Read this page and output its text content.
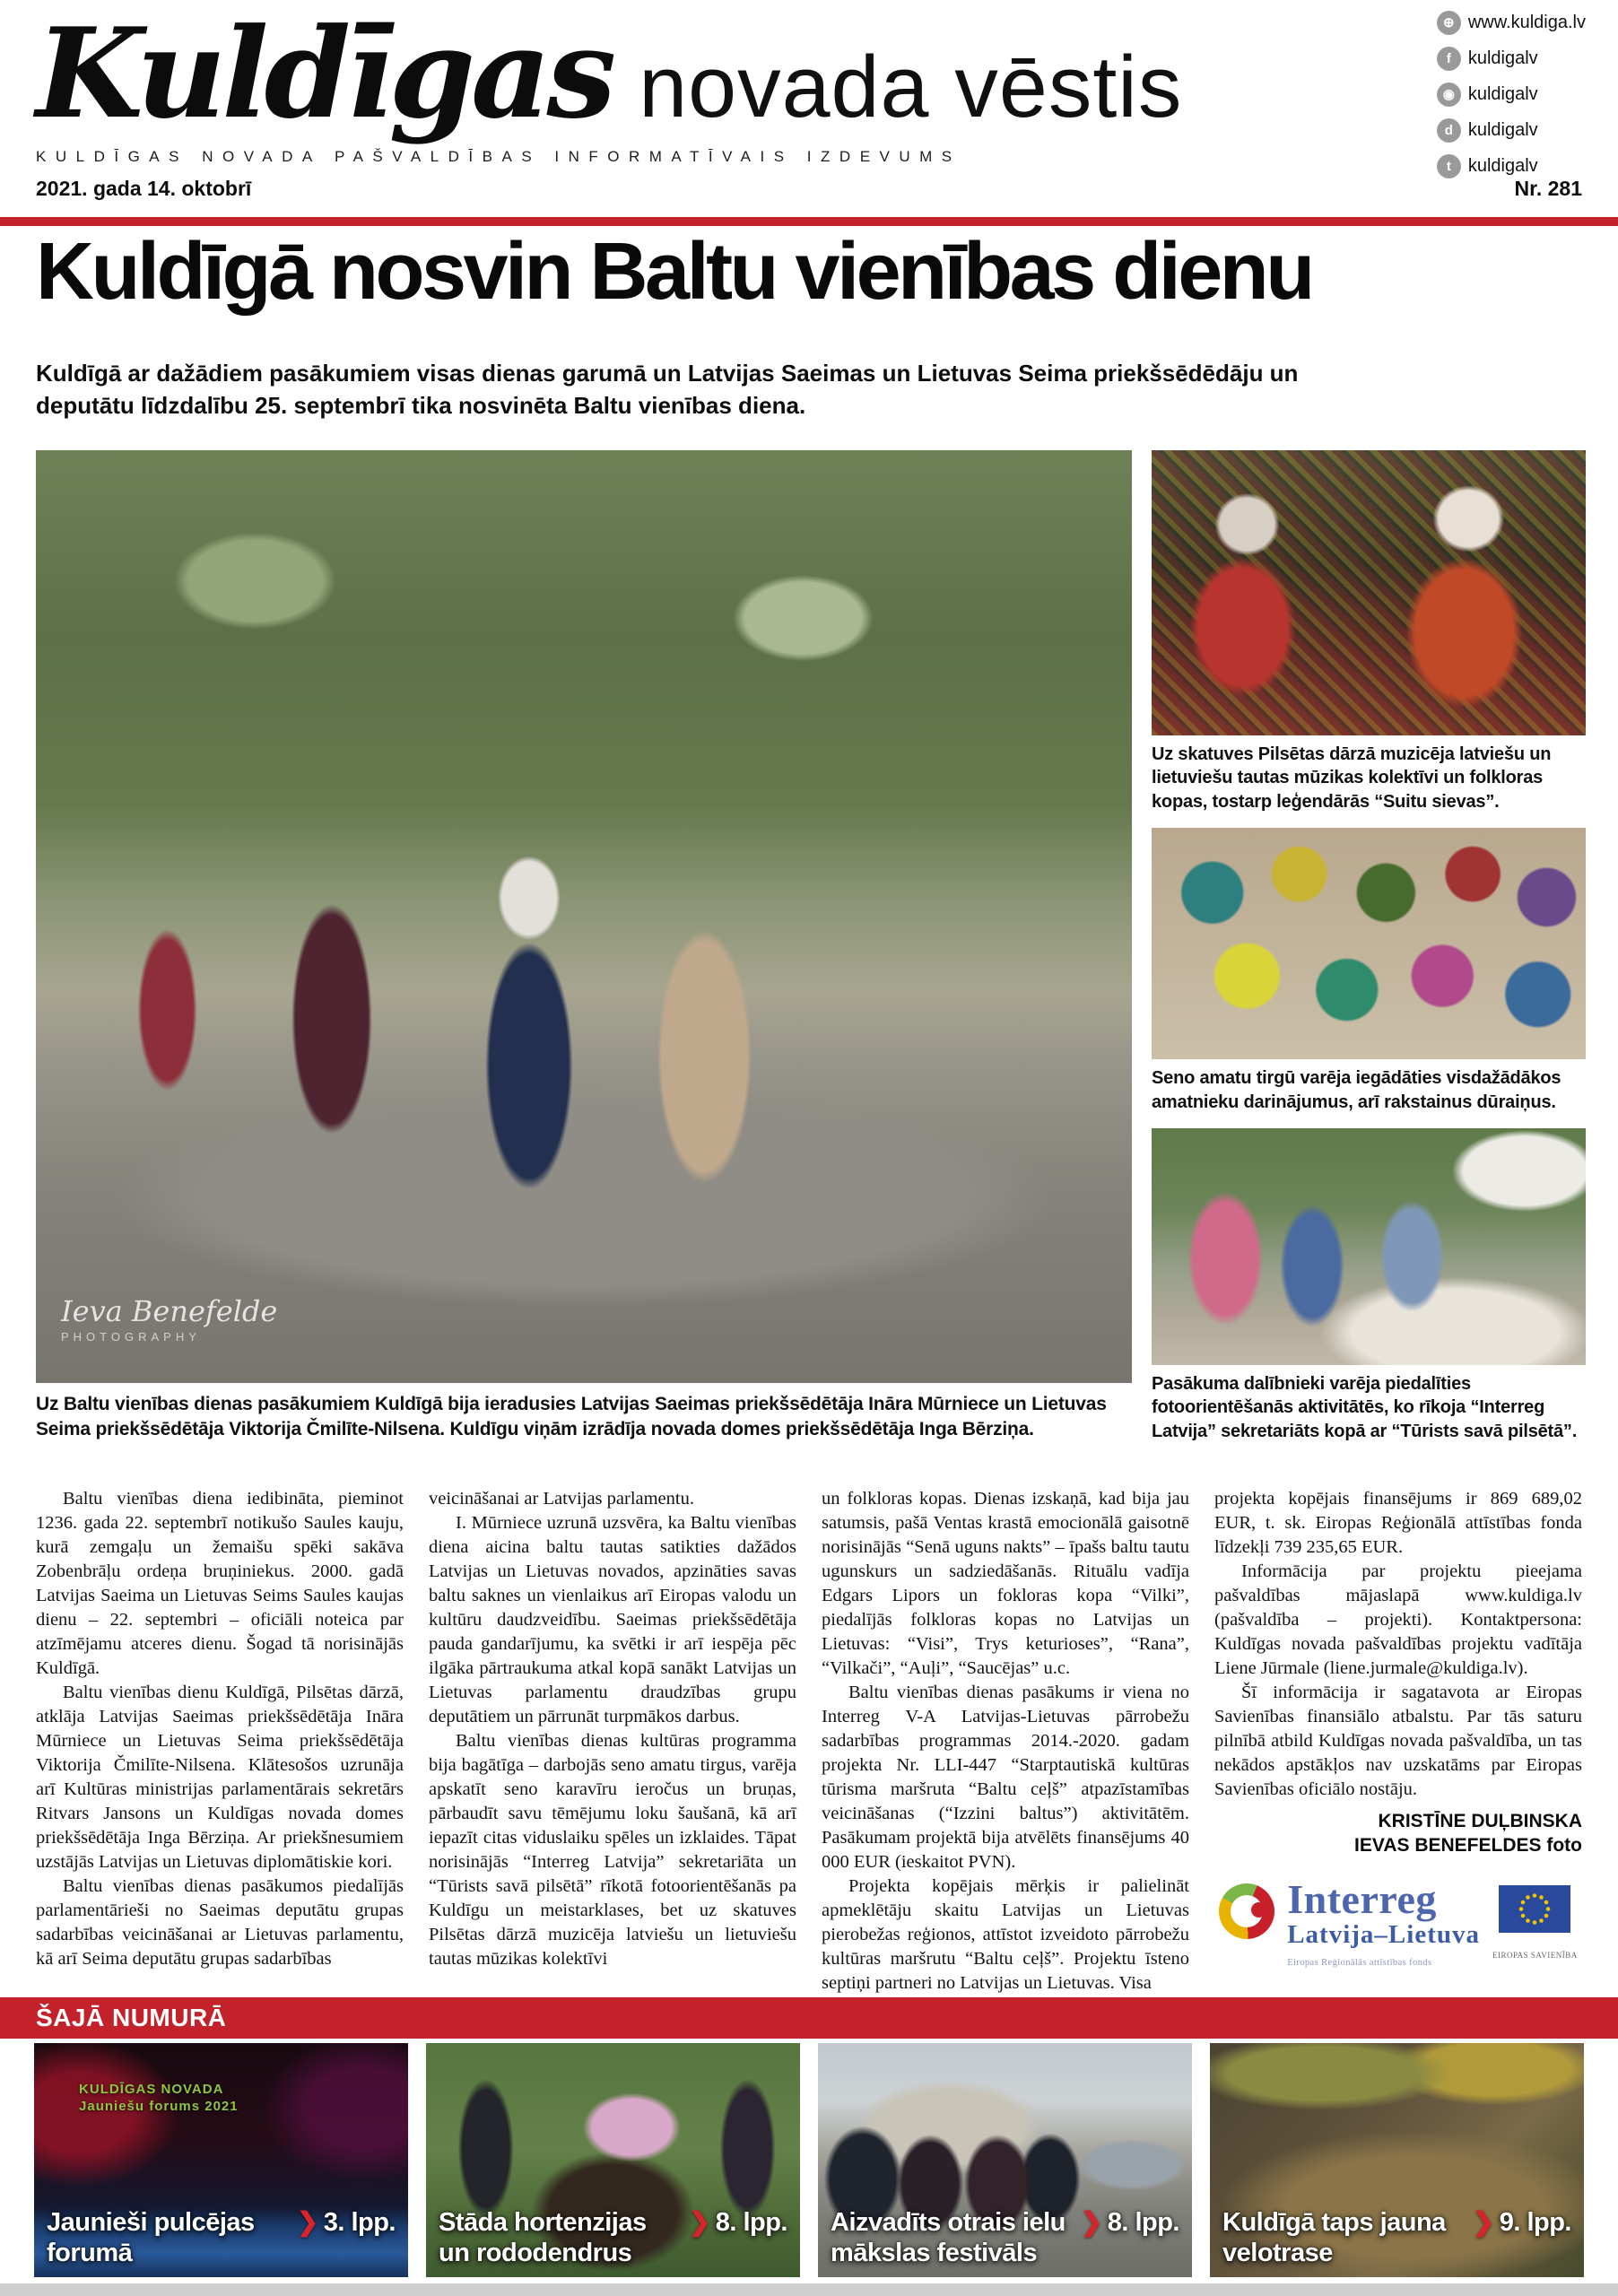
Kuldīgas novada vēstis
KULDĪGAS NOVADA PAŠVALDĪBAS INFORMATĪVAIS IZDEVUMS
2021. gada 14. oktobrī	Nr. 281
⊕ www.kuldiga.lv
f kuldigalv
◉ kuldigalv
d kuldigalv
t kuldigalv
Kuldīgā nosvin Baltu vienības dienu

Kuldīgā ar dažādiem pasākumiem visas dienas garumā un Latvijas Saeimas un Lietuvas Seima priekšsēdēdāju un deputātu līdzdalību 25. septembrī tika nosvinēta Baltu vienības diena.

Ieva Benefelde
PHOTOGRAPHY

Uz Baltu vienības dienas pasākumiem Kuldīgā bija ieradusies Latvijas Saeimas priekšsēdētāja Ināra Mūrniece un Lietuvas Seima priekšsēdētāja Viktorija Čmilīte-Nilsena. Kuldīgu viņām izrādīja novada domes priekšsēdētāja Inga Bērziņa.

Uz skatuves Pilsētas dārzā muzicēja latviešu un lietuviešu tautas mūzikas kolektīvi un folkloras kopas, tostarp leģendārās “Suitu sievas”.

Seno amatu tirgū varēja iegādāties visdažādākos amatnieku darinājumus, arī rakstainus dūraiņus.

Pasākuma dalībnieki varēja piedalīties fotoorientēšanās aktivitātēs, ko rīkoja “Interreg Latvija” sekretariāts kopā ar “Tūrists savā pilsētā”.

Baltu vienības diena iedibināta, pieminot 1236. gada 22. septembrī notikušo Saules kauju, kurā zemgaļu un žemaišu spēki sakāva Zobenbrāļu ordeņa bruņiniekus. 2000. gadā Latvijas Saeima un Lietuvas Seims Saules kaujas dienu – 22. septembri – oficiāli noteica par atzīmējamu atceres dienu. Šogad tā norisinājās Kuldīgā.

Baltu vienības dienu Kuldīgā, Pilsētas dārzā, atklāja Latvijas Saeimas priekšsēdētāja Ināra Mūrniece un Lietuvas Seima priekšsēdētāja Viktorija Čmilīte-Nilsena. Klātesošos uzrunāja arī Kultūras ministrijas parlamentārais sekretārs Ritvars Jansons un Kuldīgas novada domes priekšsēdētāja Inga Bērziņa. Ar priekšnesumiem uzstājās Latvijas un Lietuvas diplomātiskie kori.

Baltu vienības dienas pasākumos piedalījās parlamentārieši no Saeimas deputātu grupas sadarbības veicināšanai ar Lietuvas parlamentu, kā arī Seima deputātu grupas sadarbības

veicināšanai ar Latvijas parlamentu.

I. Mūrniece uzrunā uzsvēra, ka Baltu vienības diena aicina baltu tautas satikties dažādos Latvijas un Lietuvas novados, apzināties savas baltu saknes un vienlaikus arī Eiropas valodu un kultūru daudzveidību. Saeimas priekšsēdētāja pauda gandarījumu, ka svētki ir arī iespēja pēc ilgāka pārtraukuma atkal kopā sanākt Latvijas un Lietuvas parlamentu draudzības grupu deputātiem un pārrunāt turpmākos darbus.

Baltu vienības dienas kultūras programma bija bagātīga – darbojās seno amatu tirgus, varēja apskatīt seno karavīru ieročus un bruņas, pārbaudīt savu tēmējumu loku šaušanā, kā arī iepazīt citas viduslaiku spēles un izklaides. Tāpat norisinājās “Interreg Latvija” sekretariāta un “Tūrists savā pilsētā” rīkotā fotoorientēšanās pa Kuldīgu un meistarklases, bet uz skatuves Pilsētas dārzā muzicēja latviešu un lietuviešu tautas mūzikas kolektīvi

un folkloras kopas. Dienas izskaņā, kad bija jau satumsis, pašā Ventas krastā emocionālā gaisotnē norisinājās “Senā uguns nakts” – īpašs baltu tautu ugunskurs un sadziedāšanās. Rituālu vadīja Edgars Lipors un fokloras kopa “Vilki”, piedalījās folkloras kopas no Latvijas un Lietuvas: “Visi”, Trys keturioses”, “Rana”, “Vilkači”, “Auļi”, “Saucējas” u.c.

Baltu vienības dienas pasākums ir viena no Interreg V-A Latvijas-Lietuvas pārrobežu sadarbības programmas 2014.-2020. gadam projekta Nr. LLI-447 “Starptautiskā kultūras tūrisma maršruta “Baltu ceļš” atpazīstamības veicināšanas (“Izzini baltus”) aktivitātēm. Pasākumam projektā bija atvēlēts finansējums 40 000 EUR (ieskaitot PVN).

Projekta kopējais mērķis ir palielināt apmeklētāju skaitu Latvijas un Lietuvas pierobežas reģionos, attīstot izveidoto pārrobežu kultūras maršrutu “Baltu ceļš”. Projektu īsteno septiņi partneri no Latvijas un Lietuvas. Visa

projekta kopējais finansējums ir 869 689,02 EUR, t. sk. Eiropas Reģionālā attīstības fonda līdzekļi 739 235,65 EUR.

Informācija par projektu pieejama pašvaldības mājaslapā www.kuldiga.lv (pašvaldība – projekti). Kontaktpersona: Kuldīgas novada pašvaldības projektu vadītāja Liene Jūrmale (liene.jurmale@kuldiga.lv).

Šī informācija ir sagatavota ar Eiropas Savienības finansiālo atbalstu. Par tās saturu pilnībā atbild Kuldīgas novada pašvaldība, un tas nekādos apstākļos nav uzskatāms par Eiropas Savienības oficiālo nostāju.

KRISTĪNE DUĻBINSKA
IEVAS BENEFELDES foto
Interreg
Latvija–Lietuva
Eiropas Reģionālās attīstības fonds
EIROPAS SAVIENĪBA
ŠAJĀ NUMURĀ
KULDĪGAS NOVADA
Jauniešu forums 2021
❯ 3. lpp.
Jaunieši pulcējas forumā
❯ 8. lpp.
Stāda hortenzijas un rododendrus
❯ 8. lpp.
Aizvadīts otrais ielu mākslas festivāls
❯ 9. lpp.
Kuldīgā taps jauna velotrase
